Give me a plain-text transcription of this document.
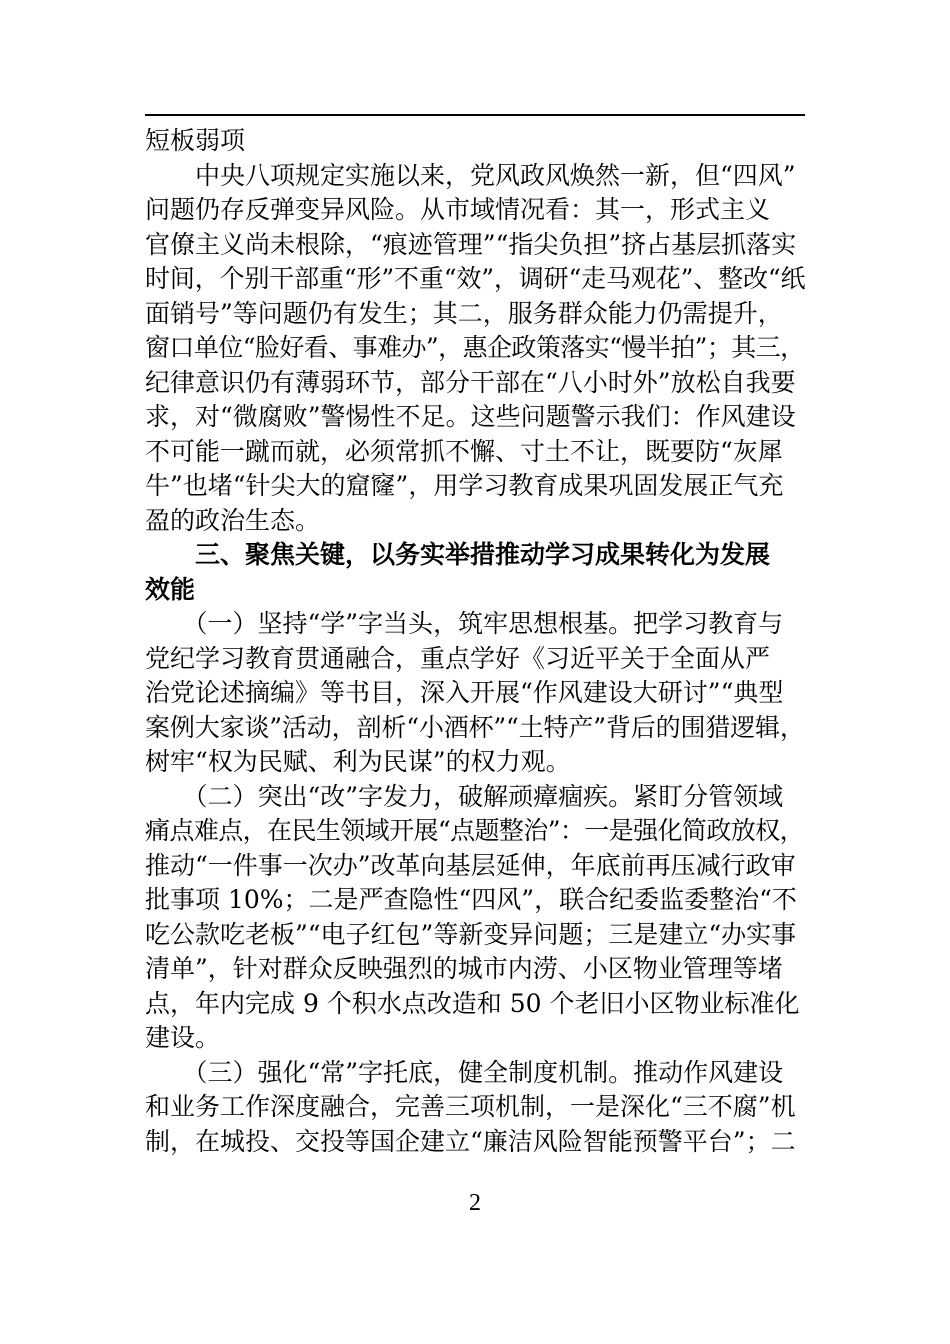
短板弱项
　　中央八项规定实施以来，党风政风焕然一新，但“四风”
问题仍存反弹变异风险。从市域情况看：其一，形式主义
官僚主义尚未根除，“痕迹管理”“指尖负担”挤占基层抓落实
时间，个别干部重“形”不重“效”，调研“走马观花”、整改“纸
面销号”等问题仍有发生；其二，服务群众能力仍需提升，
窗口单位“脸好看、事难办”，惠企政策落实“慢半拍”；其三，
纪律意识仍有薄弱环节，部分干部在“八小时外”放松自我要
求，对“微腐败”警惕性不足。这些问题警示我们：作风建设
不可能一蹴而就，必须常抓不懈、寸土不让，既要防“灰犀
牛”也堵“针尖大的窟窿”，用学习教育成果巩固发展正气充
盈的政治生态。
　　三、聚焦关键，以务实举措推动学习成果转化为发展
效能
　　（一）坚持“学”字当头，筑牢思想根基。把学习教育与
党纪学习教育贯通融合，重点学好《习近平关于全面从严
治党论述摘编》等书目，深入开展“作风建设大研讨”“典型
案例大家谈”活动，剖析“小酒杯”“土特产”背后的围猎逻辑，
树牢“权为民赋、利为民谋”的权力观。
　　（二）突出“改”字发力，破解顽瘴痼疾。紧盯分管领域
痛点难点，在民生领域开展“点题整治”：一是强化简政放权，
推动“一件事一次办”改革向基层延伸，年底前再压减行政审
批事项 10%；二是严查隐性“四风”，联合纪委监委整治“不
吃公款吃老板”“电子红包”等新变异问题；三是建立“办实事
清单”，针对群众反映强烈的城市内涝、小区物业管理等堵
点，年内完成 9 个积水点改造和 50 个老旧小区物业标准化
建设。
　　（三）强化“常”字托底，健全制度机制。推动作风建设
和业务工作深度融合，完善三项机制，一是深化“三不腐”机
制，在城投、交投等国企建立“廉洁风险智能预警平台”；二
2
